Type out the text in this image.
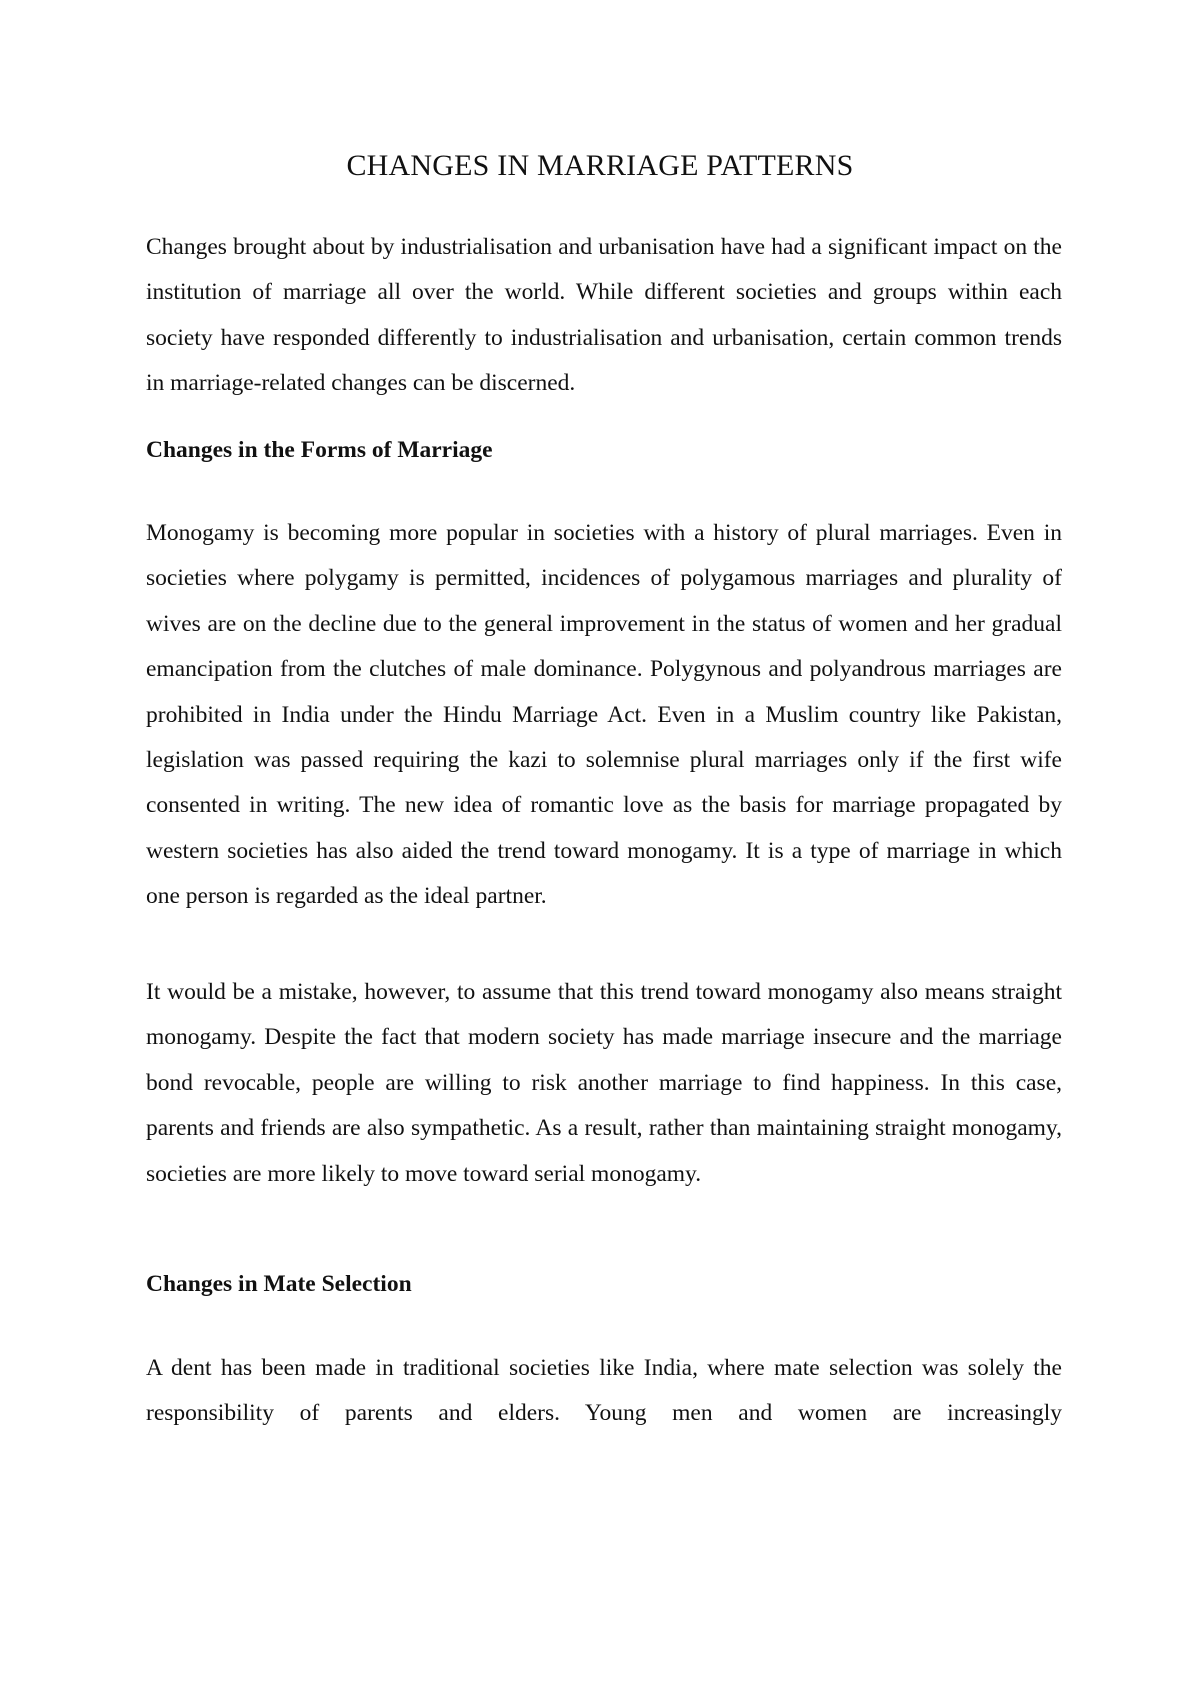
CHANGES IN MARRIAGE PATTERNS

Changes brought about by industrialisation and urbanisation have had a significant impact on the institution of marriage all over the world. While different societies and groups within each society have responded differently to industrialisation and urbanisation, certain common trends in marriage-related changes can be discerned.

Changes in the Forms of Marriage

Monogamy is becoming more popular in societies with a history of plural marriages. Even in societies where polygamy is permitted, incidences of polygamous marriages and plurality of wives are on the decline due to the general improvement in the status of women and her gradual emancipation from the clutches of male dominance. Polygynous and polyandrous marriages are prohibited in India under the Hindu Marriage Act. Even in a Muslim country like Pakistan, legislation was passed requiring the kazi to solemnise plural marriages only if the first wife consented in writing. The new idea of romantic love as the basis for marriage propagated by western societies has also aided the trend toward monogamy. It is a type of marriage in which one person is regarded as the ideal partner.

It would be a mistake, however, to assume that this trend toward monogamy also means straight monogamy. Despite the fact that modern society has made marriage insecure and the marriage bond revocable, people are willing to risk another marriage to find happiness. In this case, parents and friends are also sympathetic. As a result, rather than maintaining straight monogamy, societies are more likely to move toward serial monogamy.

Changes in Mate Selection

A dent has been made in traditional societies like India, where mate selection was solely the responsibility of parents and elders. Young men and women are increasingly
